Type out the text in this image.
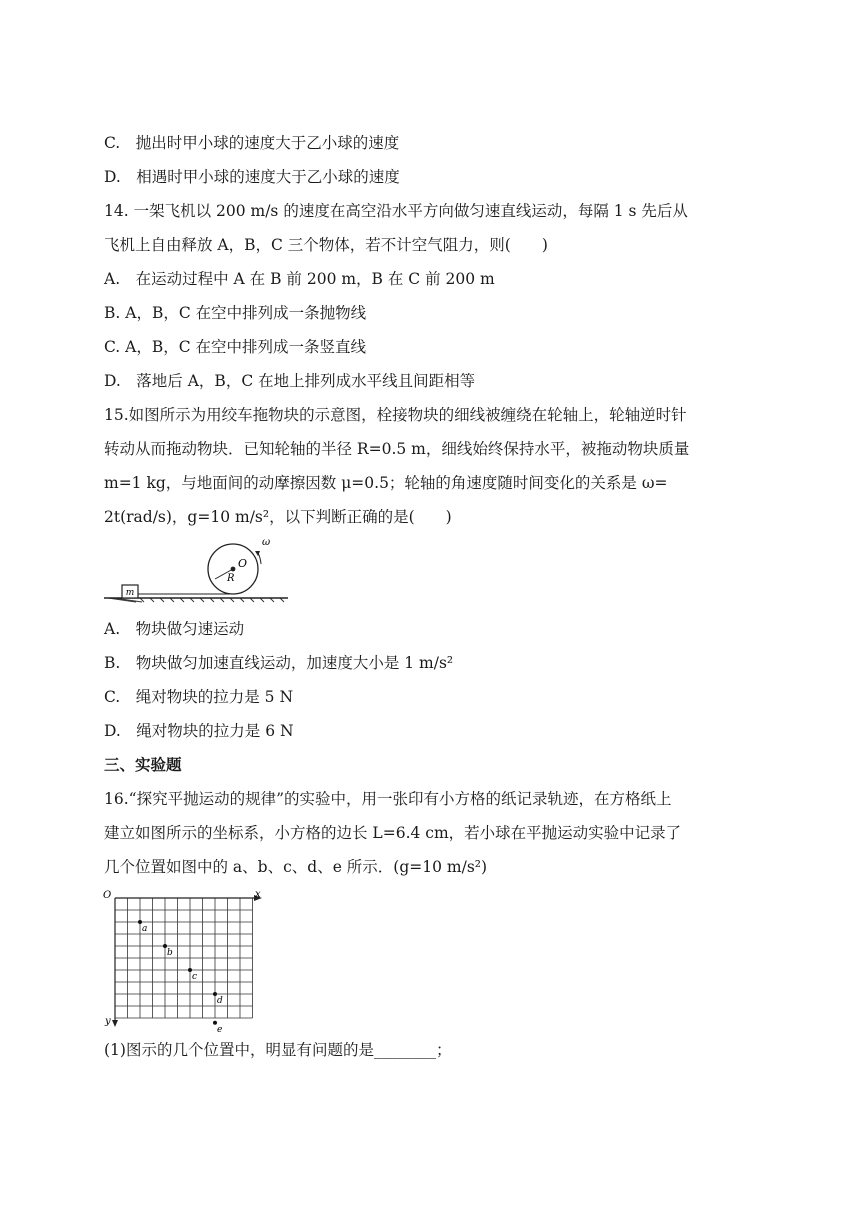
C.　抛出时甲小球的速度大于乙小球的速度
D.　相遇时甲小球的速度大于乙小球的速度
14. 一架飞机以 200 m/s 的速度在高空沿水平方向做匀速直线运动，每隔 1 s 先后从
飞机上自由释放 A，B，C 三个物体，若不计空气阻力，则(　　)
A.　在运动过程中 A 在 B 前 200 m，B 在 C 前 200 m
B. A，B，C 在空中排列成一条抛物线
C. A，B，C 在空中排列成一条竖直线
D.　落地后 A，B，C 在地上排列成水平线且间距相等
15.如图所示为用绞车拖物块的示意图，栓接物块的细线被缠绕在轮轴上，轮轴逆时针
转动从而拖动物块．已知轮轴的半径 R=0.5 m，细线始终保持水平，被拖动物块质量
m=1 kg，与地面间的动摩擦因数 μ=0.5；轮轴的角速度随时间变化的关系是 ω=
2t(rad/s)，g=10 m/s²，以下判断正确的是(　　)
m
R
O
ω
A.　物块做匀速运动
B.　物块做匀加速直线运动，加速度大小是 1 m/s²
C.　绳对物块的拉力是 5 N
D.　绳对物块的拉力是 6 N
三、实验题
16.“探究平抛运动的规律”的实验中，用一张印有小方格的纸记录轨迹，在方格纸上
建立如图所示的坐标系，小方格的边长 L=6.4 cm，若小球在平抛运动实验中记录了
几个位置如图中的 a、b、c、d、e 所示．(g=10 m/s²)
O	x
y
a
b
c
d
e
(1)图示的几个位置中，明显有问题的是________；
